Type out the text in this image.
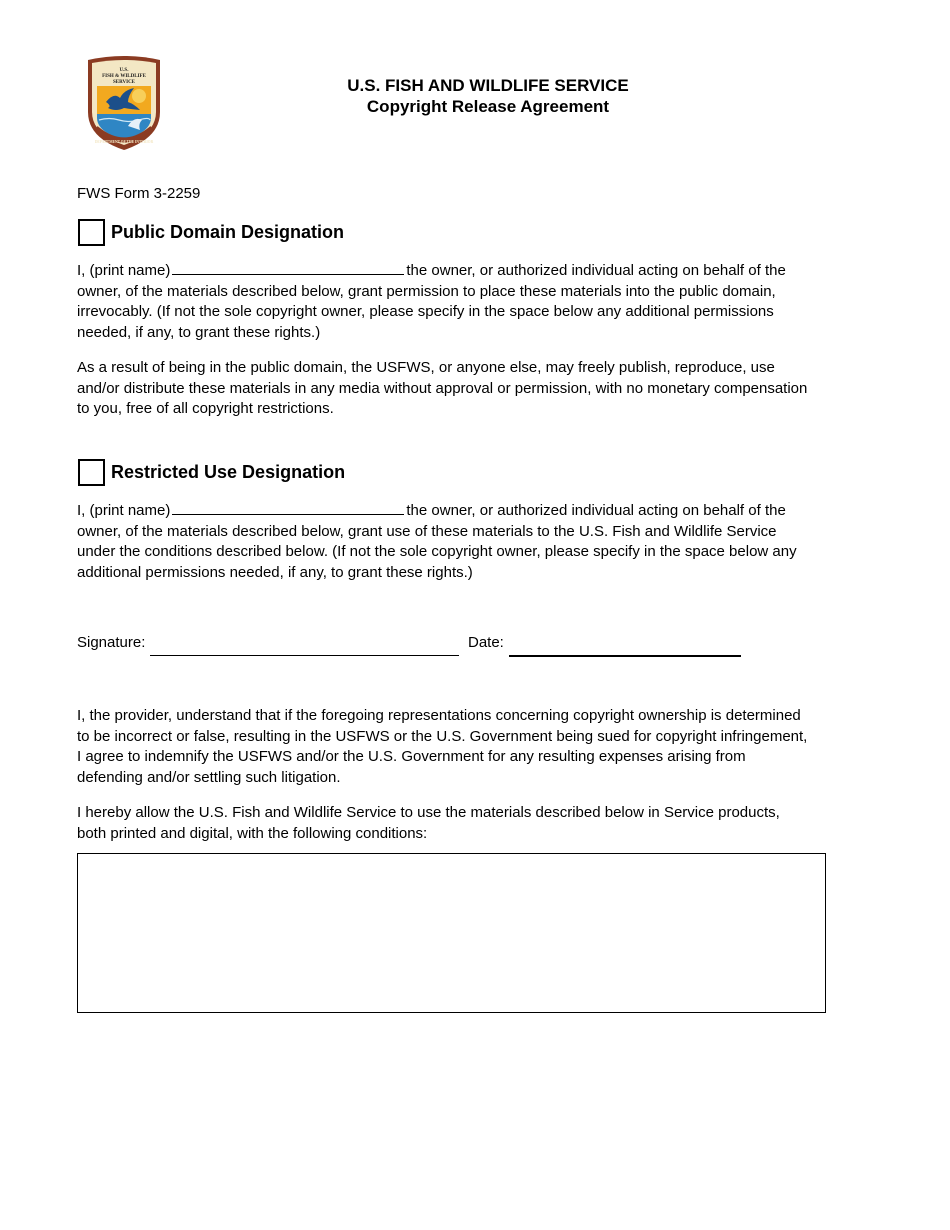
U.S.
FISH & WILDLIFE
SERVICE
DEPARTMENT OF THE INTERIOR
U.S. FISH AND WILDLIFE SERVICE
Copyright Release Agreement
FWS Form 3-2259
Public Domain Designation
I, (print name)	the owner, or authorized individual acting on behalf of the
owner, of the materials described below, grant permission to place these materials into the public domain,
irrevocably. (If not the sole copyright owner, please specify in the space below any additional permissions
needed, if any, to grant these rights.)
As a result of being in the public domain, the USFWS, or anyone else, may freely publish, reproduce, use
and/or distribute these materials in any media without approval or permission, with no monetary compensation
to you, free of all copyright restrictions.
Restricted Use Designation
I, (print name)	the owner, or authorized individual acting on behalf of the
owner, of the materials described below, grant use of these materials to the U.S. Fish and Wildlife Service
under the conditions described below. (If not the sole copyright owner, please specify in the space below any
additional permissions needed, if any, to grant these rights.)
Signature:	Date:
I, the provider, understand that if the foregoing representations concerning copyright ownership is determined
to be incorrect or false, resulting in the USFWS or the U.S. Government being sued for copyright infringement,
I agree to indemnify the USFWS and/or the U.S. Government for any resulting expenses arising from
defending and/or settling such litigation.
I hereby allow the U.S. Fish and Wildlife Service to use the materials described below in Service products,
both printed and digital, with the following conditions:
